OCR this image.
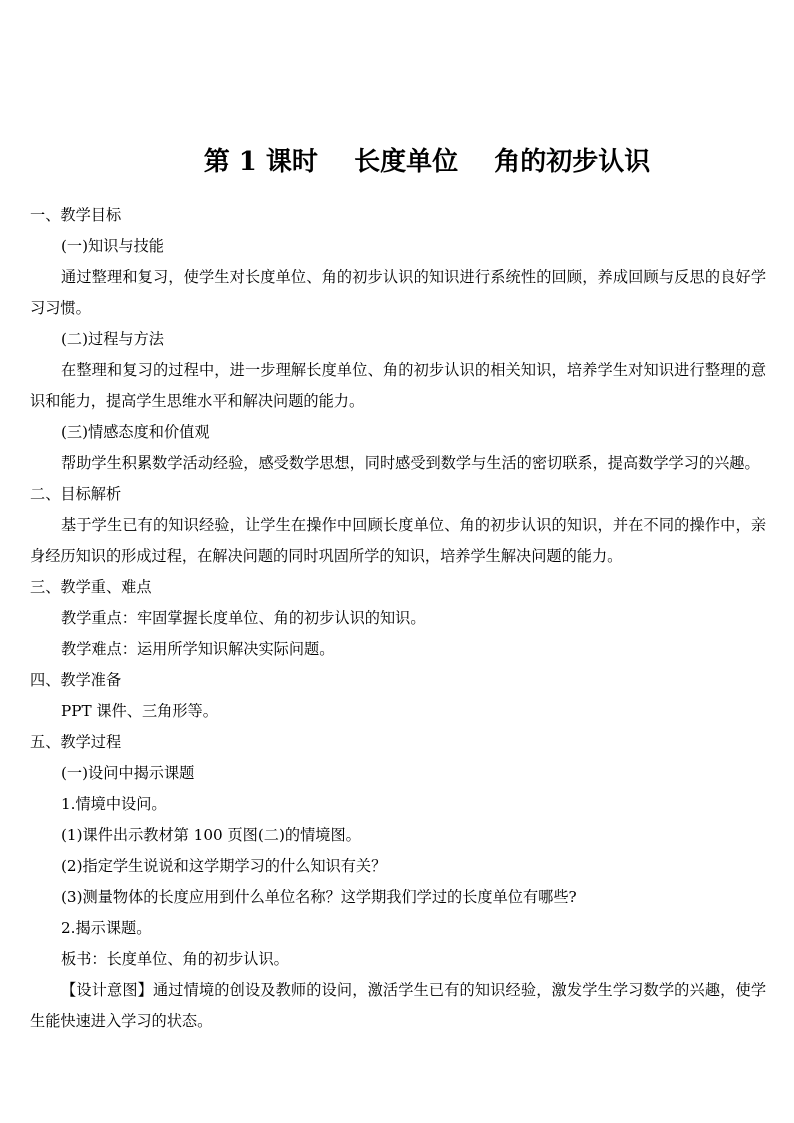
第 1 课时    长度单位    角的初步认识

一、教学目标

(一)知识与技能

通过整理和复习，使学生对长度单位、角的初步认识的知识进行系统性的回顾，养成回顾与反思的良好学习习惯。

(二)过程与方法

在整理和复习的过程中，进一步理解长度单位、角的初步认识的相关知识，培养学生对知识进行整理的意识和能力，提高学生思维水平和解决问题的能力。

(三)情感态度和价值观

帮助学生积累数学活动经验，感受数学思想，同时感受到数学与生活的密切联系，提高数学学习的兴趣。

二、目标解析

基于学生已有的知识经验，让学生在操作中回顾长度单位、角的初步认识的知识，并在不同的操作中，亲身经历知识的形成过程，在解决问题的同时巩固所学的知识，培养学生解决问题的能力。

三、教学重、难点

教学重点：牢固掌握长度单位、角的初步认识的知识。

教学难点：运用所学知识解决实际问题。

四、教学准备

PPT 课件、三角形等。

五、教学过程

(一)设问中揭示课题

1.情境中设问。

(1)课件出示教材第 100 页图(二)的情境图。

(2)指定学生说说和这学期学习的什么知识有关？

(3)测量物体的长度应用到什么单位名称？这学期我们学过的长度单位有哪些?

2.揭示课题。

板书：长度单位、角的初步认识。

【设计意图】通过情境的创设及教师的设问，激活学生已有的知识经验，激发学生学习数学的兴趣，使学生能快速进入学习的状态。
